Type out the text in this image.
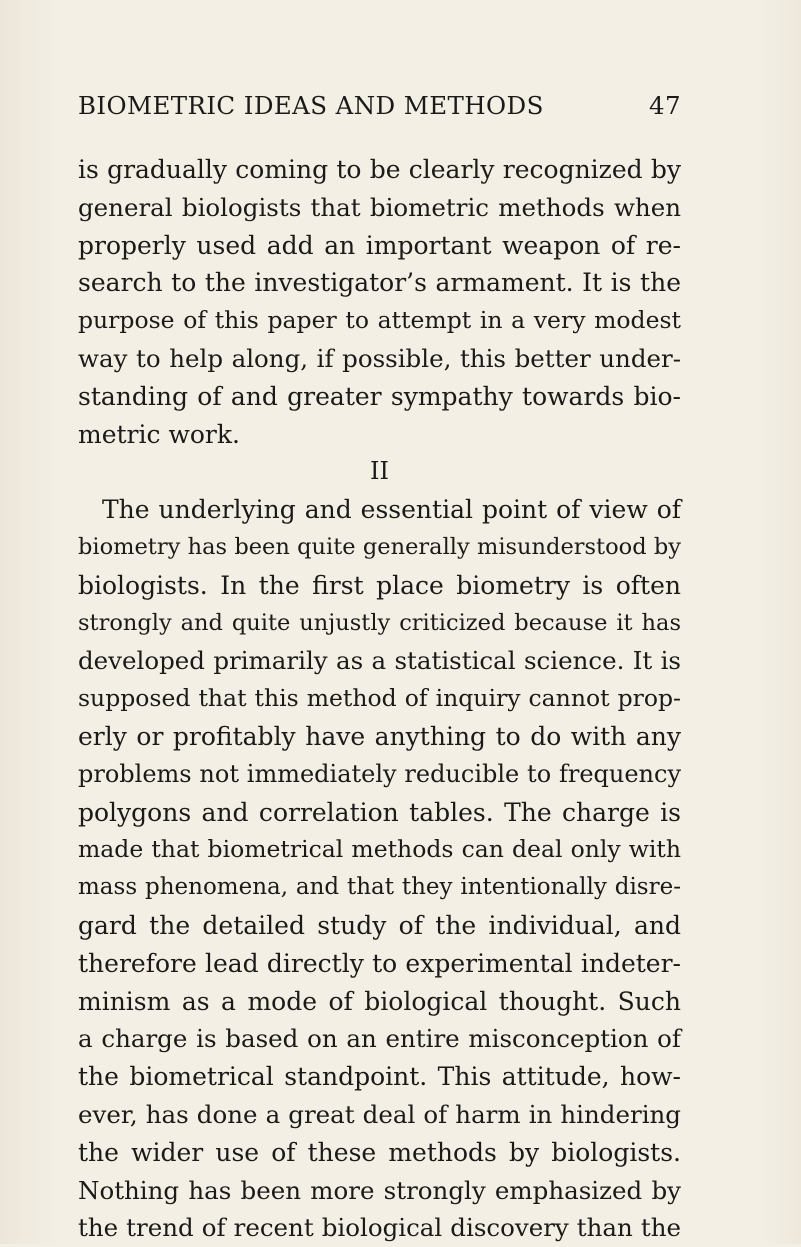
BIOMETRIC IDEAS AND METHODS	47
is gradually coming to be clearly recognized by
general biologists that biometric methods when
properly used add an important weapon of re-
search to the investigator’s armament. It is the
purpose of this paper to attempt in a very modest
way to help along, if possible, this better under-
standing of and greater sympathy towards bio-
metric work.
II
The underlying and essential point of view of
biometry has been quite generally misunderstood by
biologists. In the first place biometry is often
strongly and quite unjustly criticized because it has
developed primarily as a statistical science. It is
supposed that this method of inquiry cannot prop-
erly or profitably have anything to do with any
problems not immediately reducible to frequency
polygons and correlation tables. The charge is
made that biometrical methods can deal only with
mass phenomena, and that they intentionally disre-
gard the detailed study of the individual, and
therefore lead directly to experimental indeter-
minism as a mode of biological thought. Such
a charge is based on an entire misconception of
the biometrical standpoint. This attitude, how-
ever, has done a great deal of harm in hindering
the wider use of these methods by biologists.
Nothing has been more strongly emphasized by
the trend of recent biological discovery than the
